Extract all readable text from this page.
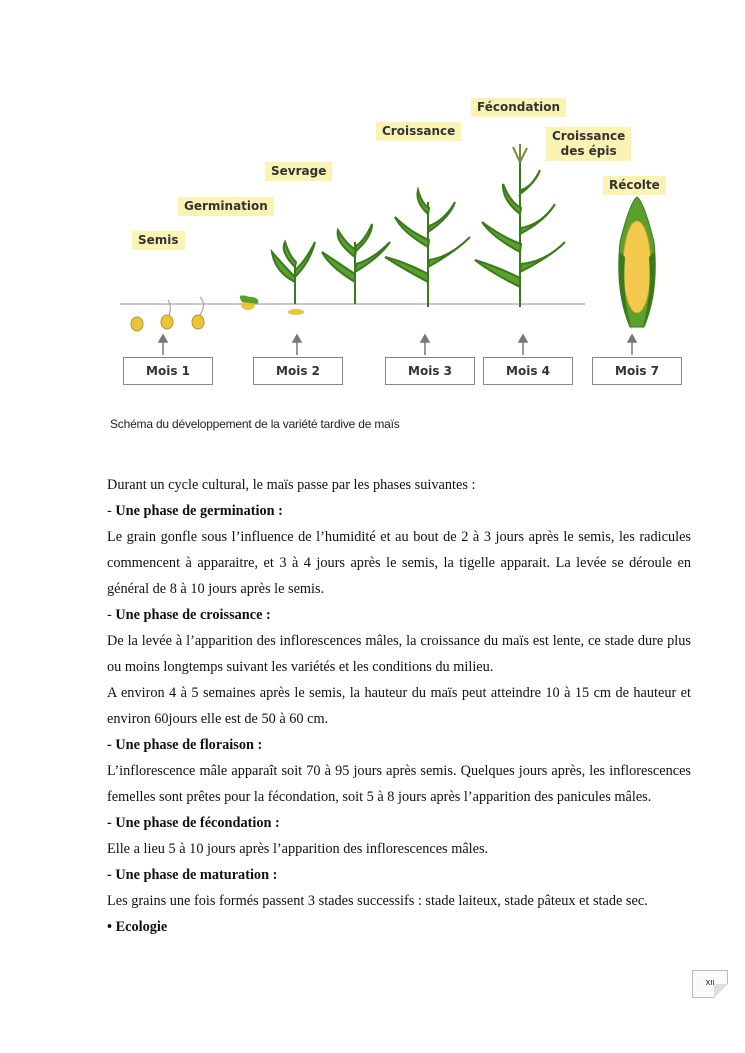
Semis
Germination
Sevrage
Croissance
Fécondation
Croissance
des épis
Récolte
Mois 1	Mois 2	Mois 3	Mois 4	Mois 7
Schéma du développement de la variété tardive de maïs

Durant un cycle cultural, le maïs passe par les phases suivantes :

- Une phase de germination :

Le grain gonfle sous l’influence de l’humidité et au bout de 2 à 3 jours après le semis, les radicules commencent à apparaitre, et 3 à 4 jours après le semis, la tigelle apparait. La levée se déroule en général de 8 à 10 jours après le semis.

- Une phase de croissance :

De la levée à l’apparition des inflorescences mâles, la croissance du maïs est lente, ce stade dure plus ou moins longtemps suivant les variétés et les conditions du milieu.

A environ 4 à 5 semaines après le semis, la hauteur du maïs peut atteindre 10 à 15 cm de hauteur et environ 60jours elle est de 50 à 60 cm.

- Une phase de floraison :

L’inflorescence mâle apparaît soit 70 à 95 jours après semis. Quelques jours après, les inflorescences femelles sont prêtes pour la fécondation, soit 5 à 8 jours après l’apparition des panicules mâles.

- Une phase de fécondation :

Elle a lieu 5 à 10 jours après l’apparition des inflorescences mâles.

- Une phase de maturation :

Les grains une fois formés passent 3 stades successifs : stade laiteux, stade pâteux et stade sec.

• Ecologie

XII
